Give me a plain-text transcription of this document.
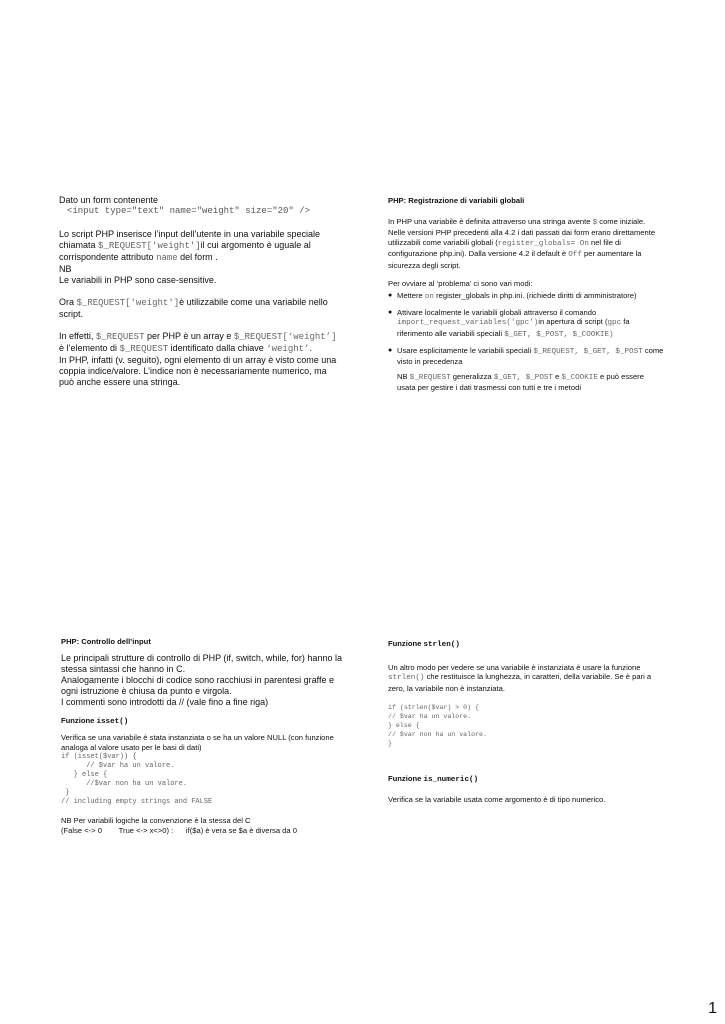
Dato un form contenente

<input type="text" name="weight" size="20" />

Lo script PHP inserisce l’input dell’utente in una variabile speciale chiamata $_REQUEST['weight']il cui argomento è uguale al corrispondente attributo name del form .

NB

Le variabili in PHP sono case-sensitive.

Ora $_REQUEST['weight']è utilizzabile come una variabile nello script.

In effetti, $_REQUEST per PHP è un array e $_REQUEST[‘weight’] è l’elemento di $_REQUEST identificato dalla chiave ‘weight’.

In PHP, infatti (v. seguito), ogni elemento di un array è visto come una coppia indice/valore. L’indice non è necessariamente numerico, ma può anche essere una stringa.

PHP: Registrazione di variabili globali

In PHP una variabile è definita attraverso una stringa avente $ come iniziale. Nelle versioni PHP precedenti alla 4.2 i dati passati dai form erano direttamente utilizzabili come variabili globali (register_globals= On nel file di configurazione php.ini). Dalla versione 4.2 il default è Off per aumentare la sicurezza degli script.

Per ovviare al ‘problema’ ci sono vari modi:

● Mettere on register_globals in php.ini. (richiede diritti di amministratore)

● Attivare localmente le variabili globali attraverso il comando import_request_variables('gpc')in apertura di script (gpc fa riferimento alle variabili speciali $_GET, $_POST, $_COOKIE)

● Usare esplicitamente le variabili speciali $_REQUEST, $_GET, $_POST come visto in precedenza

NB $_REQUEST generalizza $_GET, $_POST e $_COOKIE e può essere usata per gestire i dati trasmessi con tutti e tre i metodi

PHP: Controllo dell’input

Le principali strutture di controllo di PHP (if, switch, while, for) hanno la stessa sintassi che hanno in C.

Analogamente i blocchi di codice sono racchiusi in parentesi graffe e ogni istruzione è chiusa da punto e virgola.

I commenti sono introdotti da // (vale fino a fine riga)

Funzione isset()

Verifica se una variabile è stata instanziata o se ha un valore NULL (con funzione analoga al valore usato per le basi di dati)

if (isset($var)) {
// $var ha un valore.
} else {
//$var non ha un valore.
}
// including empty strings and FALSE

NB Per variabili logiche la convenzione è la stessa del C

(False <-> 0        True <-> x<>0) :      if($a) è vera se $a è diversa da 0

Funzione strlen()

Un altro modo per vedere se una variabile è instanziata è usare la funzione strlen() che restituisce la lunghezza, in caratteri, della variabile. Se è pari a zero, la variabile non è instanziata.

if (strlen($var) > 0) {
// $var ha un valore.
} else {
// $var non ha un valore.
}

Funzione is_numeric()

Verifica se la variabile usata come argomento è di tipo numerico.

1
